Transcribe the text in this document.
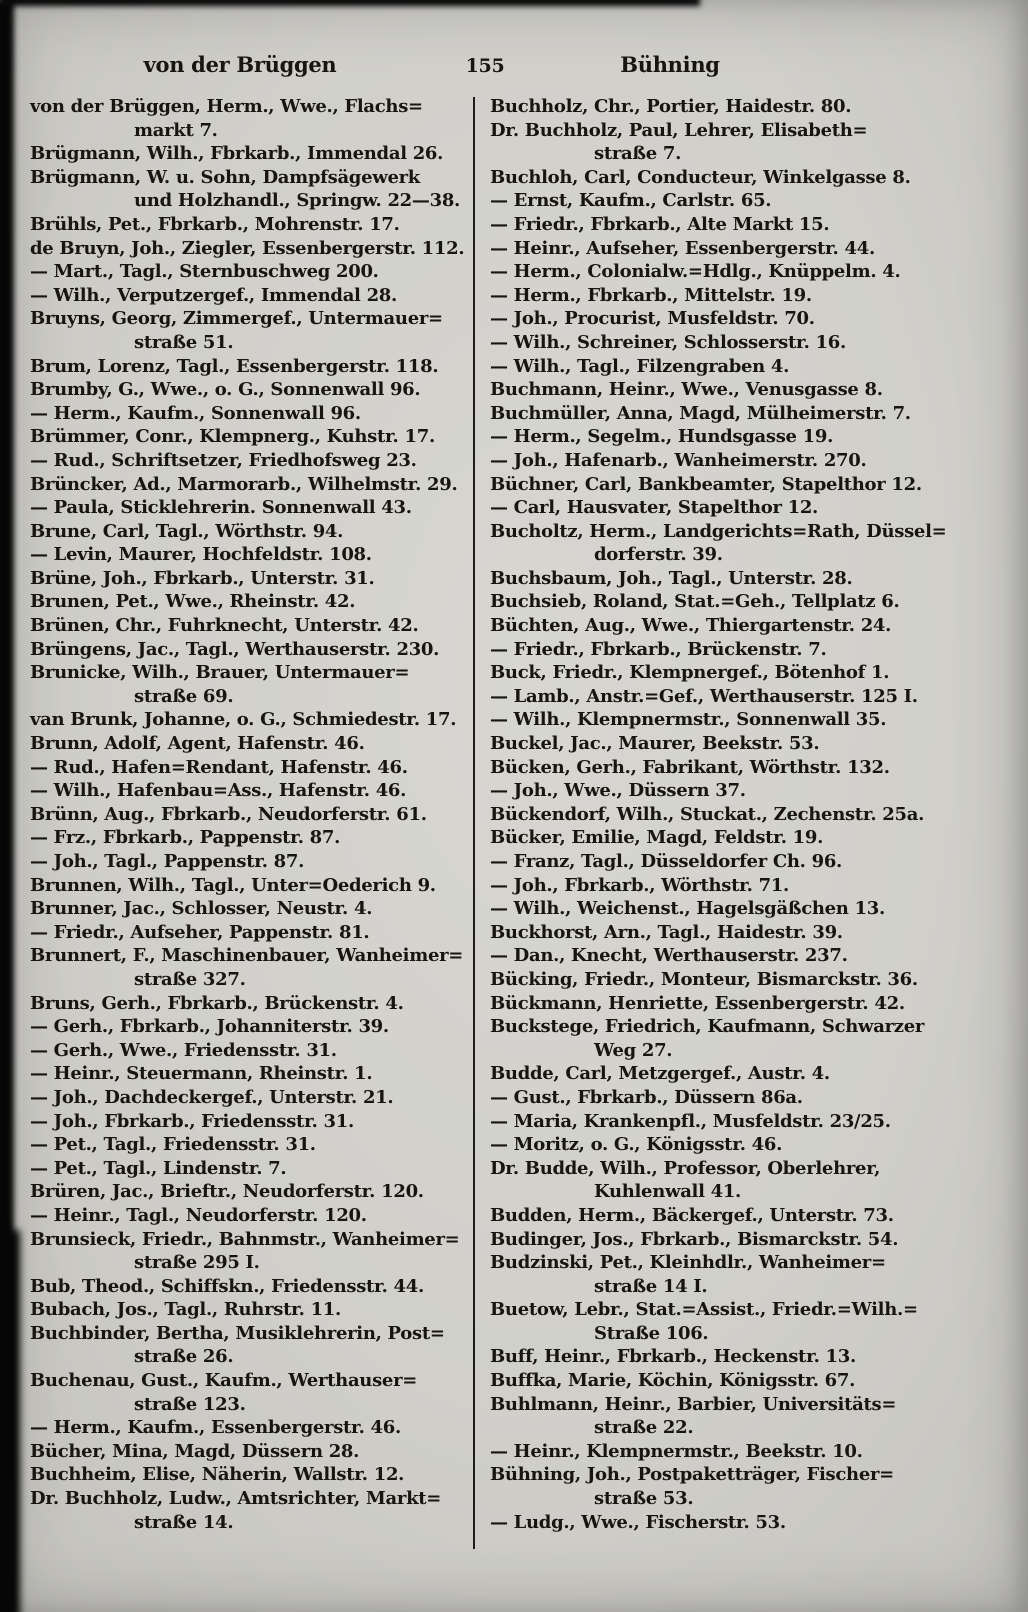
von der Brüggen	155	Bühning

von der Brüggen, Herm., Wwe., Flachs=
markt 7.

Brügmann, Wilh., Fbrkarb., Immendal 26.

Brügmann, W. u. Sohn, Dampfsägewerk
und Holzhandl., Springw. 22—38.

Brühls, Pet., Fbrkarb., Mohrenstr. 17.

de Bruyn, Joh., Ziegler, Essenbergerstr. 112.

— Mart., Tagl., Sternbuschweg 200.

— Wilh., Verputzergef., Immendal 28.

Bruyns, Georg, Zimmergef., Untermauer=
straße 51.

Brum, Lorenz, Tagl., Essenbergerstr. 118.

Brumby, G., Wwe., o. G., Sonnenwall 96.

— Herm., Kaufm., Sonnenwall 96.

Brümmer, Conr., Klempnerg., Kuhstr. 17.

— Rud., Schriftsetzer, Friedhofsweg 23.

Brüncker, Ad., Marmorarb., Wilhelmstr. 29.

— Paula, Sticklehrerin. Sonnenwall 43.

Brune, Carl, Tagl., Wörthstr. 94.

— Levin, Maurer, Hochfeldstr. 108.

Brüne, Joh., Fbrkarb., Unterstr. 31.

Brunen, Pet., Wwe., Rheinstr. 42.

Brünen, Chr., Fuhrknecht, Unterstr. 42.

Brüngens, Jac., Tagl., Werthauserstr. 230.

Brunicke, Wilh., Brauer, Untermauer=
straße 69.

van Brunk, Johanne, o. G., Schmiedestr. 17.

Brunn, Adolf, Agent, Hafenstr. 46.

— Rud., Hafen=Rendant, Hafenstr. 46.

— Wilh., Hafenbau=Ass., Hafenstr. 46.

Brünn, Aug., Fbrkarb., Neudorferstr. 61.

— Frz., Fbrkarb., Pappenstr. 87.

— Joh., Tagl., Pappenstr. 87.

Brunnen, Wilh., Tagl., Unter=Oederich 9.

Brunner, Jac., Schlosser, Neustr. 4.

— Friedr., Aufseher, Pappenstr. 81.

Brunnert, F., Maschinenbauer, Wanheimer=
straße 327.

Bruns, Gerh., Fbrkarb., Brückenstr. 4.

— Gerh., Fbrkarb., Johanniterstr. 39.

— Gerh., Wwe., Friedensstr. 31.

— Heinr., Steuermann, Rheinstr. 1.

— Joh., Dachdeckergef., Unterstr. 21.

— Joh., Fbrkarb., Friedensstr. 31.

— Pet., Tagl., Friedensstr. 31.

— Pet., Tagl., Lindenstr. 7.

Brüren, Jac., Brieftr., Neudorferstr. 120.

— Heinr., Tagl., Neudorferstr. 120.

Brunsieck, Friedr., Bahnmstr., Wanheimer=
straße 295 I.

Bub, Theod., Schiffskn., Friedensstr. 44.

Bubach, Jos., Tagl., Ruhrstr. 11.

Buchbinder, Bertha, Musiklehrerin, Post=
straße 26.

Buchenau, Gust., Kaufm., Werthauser=
straße 123.

— Herm., Kaufm., Essenbergerstr. 46.

Bücher, Mina, Magd, Düssern 28.

Buchheim, Elise, Näherin, Wallstr. 12.

Dr. Buchholz, Ludw., Amtsrichter, Markt=
straße 14.

Buchholz, Chr., Portier, Haidestr. 80.

Dr. Buchholz, Paul, Lehrer, Elisabeth=
straße 7.

Buchloh, Carl, Conducteur, Winkelgasse 8.

— Ernst, Kaufm., Carlstr. 65.

— Friedr., Fbrkarb., Alte Markt 15.

— Heinr., Aufseher, Essenbergerstr. 44.

— Herm., Colonialw.=Hdlg., Knüppelm. 4.

— Herm., Fbrkarb., Mittelstr. 19.

— Joh., Procurist, Musfeldstr. 70.

— Wilh., Schreiner, Schlosserstr. 16.

— Wilh., Tagl., Filzengraben 4.

Buchmann, Heinr., Wwe., Venusgasse 8.

Buchmüller, Anna, Magd, Mülheimerstr. 7.

— Herm., Segelm., Hundsgasse 19.

— Joh., Hafenarb., Wanheimerstr. 270.

Büchner, Carl, Bankbeamter, Stapelthor 12.

— Carl, Hausvater, Stapelthor 12.

Bucholtz, Herm., Landgerichts=Rath, Düssel=
dorferstr. 39.

Buchsbaum, Joh., Tagl., Unterstr. 28.

Buchsieb, Roland, Stat.=Geh., Tellplatz 6.

Büchten, Aug., Wwe., Thiergartenstr. 24.

— Friedr., Fbrkarb., Brückenstr. 7.

Buck, Friedr., Klempnergef., Bötenhof 1.

— Lamb., Anstr.=Gef., Werthauserstr. 125 I.

— Wilh., Klempnermstr., Sonnenwall 35.

Buckel, Jac., Maurer, Beekstr. 53.

Bücken, Gerh., Fabrikant, Wörthstr. 132.

— Joh., Wwe., Düssern 37.

Bückendorf, Wilh., Stuckat., Zechenstr. 25a.

Bücker, Emilie, Magd, Feldstr. 19.

— Franz, Tagl., Düsseldorfer Ch. 96.

— Joh., Fbrkarb., Wörthstr. 71.

— Wilh., Weichenst., Hagelsgäßchen 13.

Buckhorst, Arn., Tagl., Haidestr. 39.

— Dan., Knecht, Werthauserstr. 237.

Bücking, Friedr., Monteur, Bismarckstr. 36.

Bückmann, Henriette, Essenbergerstr. 42.

Buckstege, Friedrich, Kaufmann, Schwarzer
Weg 27.

Budde, Carl, Metzgergef., Austr. 4.

— Gust., Fbrkarb., Düssern 86a.

— Maria, Krankenpfl., Musfeldstr. 23/25.

— Moritz, o. G., Königsstr. 46.

Dr. Budde, Wilh., Professor, Oberlehrer,
Kuhlenwall 41.

Budden, Herm., Bäckergef., Unterstr. 73.

Budinger, Jos., Fbrkarb., Bismarckstr. 54.

Budzinski, Pet., Kleinhdlr., Wanheimer=
straße 14 I.

Buetow, Lebr., Stat.=Assist., Friedr.=Wilh.=
Straße 106.

Buff, Heinr., Fbrkarb., Heckenstr. 13.

Buffka, Marie, Köchin, Königsstr. 67.

Buhlmann, Heinr., Barbier, Universitäts=
straße 22.

— Heinr., Klempnermstr., Beekstr. 10.

Bühning, Joh., Postpaketträger, Fischer=
straße 53.

— Ludg., Wwe., Fischerstr. 53.
